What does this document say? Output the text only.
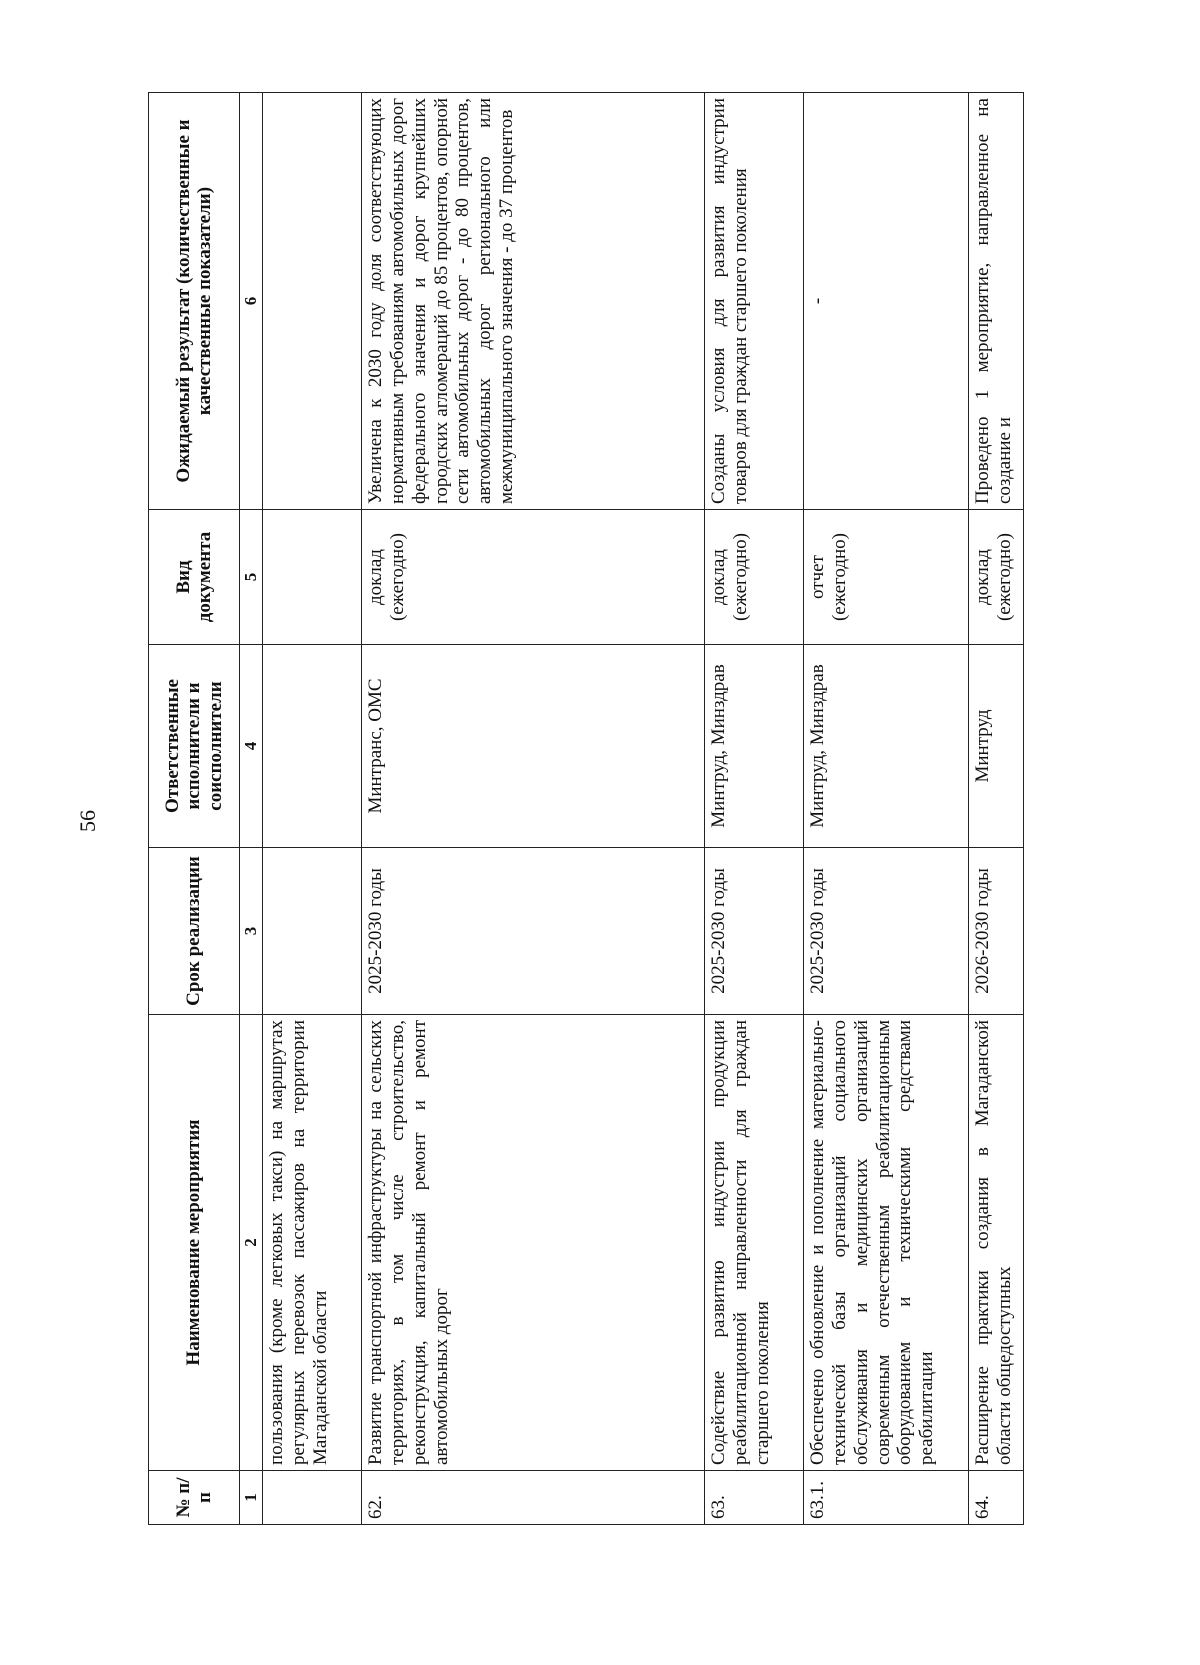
56
№ п/п	Наименование мероприятия	Срок реализации	Ответственные исполнители и соисполнители	Вид документа	Ожидаемый результат (количественные и качественные показатели)
1	2	3	4	5	6
	пользования (кроме легковых такси) на маршрутах регулярных перевозок пассажиров на территории Магаданской области				
62.	Развитие транспортной инфраструктуры на сельских территориях, в том числе строительство, реконструкция, капитальный ремонт и ремонт автомобильных дорог	2025-2030 годы	Минтранс, ОМС	доклад (ежегодно)	Увеличена к 2030 году доля соответствующих нормативным требованиям автомобильных дорог федерального значения и дорог крупнейших городских агломераций до 85 процентов, опорной сети автомобильных дорог - до 80 процентов, автомобильных дорог регионального или межмуниципального значения - до 37 процентов
63.	Содействие развитию индустрии продукции реабилитационной направленности для граждан старшего поколения	2025-2030 годы	Минтруд, Минздрав	доклад (ежегодно)	Созданы условия для развития индустрии товаров для граждан старшего поколения
63.1.	Обеспечено обновление и пополнение материально-технической базы организаций социального обслуживания и медицинских организаций современным отечественным реабилитационным оборудованием и техническими средствами реабилитации	2025-2030 годы	Минтруд, Минздрав	отчет (ежегодно)	-
64.	Расширение практики создания в Магаданской области общедоступных	2026-2030 годы	Минтруд	доклад (ежегодно)	Проведено 1 мероприятие, направленное на создание и
